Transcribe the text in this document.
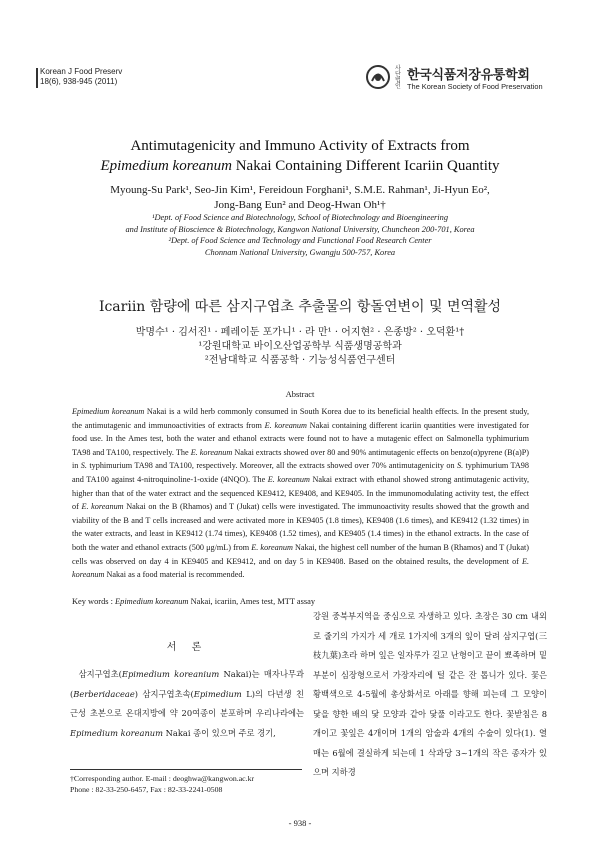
Korean J Food Preserv
18(6), 938-945 (2011)
사단법인
한국식품저장유통학회
The Korean Society of Food Preservation
Antimutagenicity and Immuno Activity of Extracts from
Epimedium koreanum Nakai Containing Different Icariin Quantity
Myoung-Su Park¹, Seo-Jin Kim¹, Fereidoun Forghani¹, S.M.E. Rahman¹, Ji-Hyun Eo²,
Jong-Bang Eun² and Deog-Hwan Oh¹†
¹Dept. of Food Science and Biotechnology, School of Biotechnology and Bioengineering
and Institute of Bioscience & Biotechnology, Kangwon National University, Chuncheon 200-701, Korea
²Dept. of Food Science and Technology and Functional Food Research Center
Chonnam National University, Gwangju 500-757, Korea
Icariin 함량에 따른 삼지구엽초 추출물의 항돌연변이 및 면역활성
박명수¹ · 김서진¹ · 페레이둔 포가니¹ · 라 만¹ · 어지현² · 은종방² · 오덕환¹†
¹강원대학교 바이오산업공학부 식품생명공학과
²전남대학교 식품공학 · 기능성식품연구센터
Abstract

Epimedium koreanum Nakai is a wild herb commonly consumed in South Korea due to its beneficial health effects. In the present study, the antimutagenic and immunoactivities of extracts from E. koreanum Nakai containing different icariin quantities were investigated for food use. In the Ames test, both the water and ethanol extracts were found not to have a mutagenic effect on Salmonella typhimurium TA98 and TA100, respectively. The E. koreanum Nakai extracts showed over 80 and 90% antimutagenic effects on benzo(α)pyrene (B(a)P) in S. typhimurium TA98 and TA100, respectively. Moreover, all the extracts showed over 70% antimutagenicity on S. typhimurium TA98 and TA100 against 4-nitroquinoline-1-oxide (4NQO). The E. koreanum Nakai extract with ethanol showed strong antimutagenic activity, higher than that of the water extract and the sequenced KE9412, KE9408, and KE9405. In the immunomodulating activity test, the effect of E. koreanum Nakai on the B (Rhamos) and T (Jukat) cells were investigated. The immunoactivity results showed that the growth and viability of the B and T cells increased and were activated more in KE9405 (1.8 times), KE9408 (1.6 times), and KE9412 (1.32 times) in the water extracts, and least in KE9412 (1.74 times), KE9408 (1.52 times), and KE9405 (1.4 times) in the ethanol extracts. In the case of both the water and ethanol extracts (500 μg/mL) from E. koreanum Nakai, the highest cell number of the human B (Rhamos) and T (Jukat) cells was observed on day 4 in KE9405 and KE9412, and on day 5 in KE9408. Based on the obtained results, the development of E. koreanum Nakai as a food material is recommended.

Key words : Epimedium koreanum Nakai, icariin, Ames test, MTT assay
서 론

삼지구엽초(Epimedium koreanium Nakai)는 매자나무과 (Berberidaceae) 삼지구엽초속(Epimedium L)의 다년생 친근성 초본으로 온대지방에 약 20여종이 분포하며 우리나라에는 Epimedium koreanum Nakai 종이 있으며 주로 경기,

강원 중북부지역을 중심으로 자생하고 있다. 초장은 30 cm 내외로 줄기의 가지가 세 개로 1가지에 3개의 잎이 달려 삼지구엽(三枝九葉)초라 하며 잎은 일자루가 길고 난형이고 끝이 뾰족하며 밑 부분이 심장형으로서 가장자리에 털 같은 잔 톱니가 있다. 꽃은 황백색으로 4-5월에 총상화서로 아래를 향해 피는데 그 모양이 닻을 향한 배의 닻 모양과 같아 닻풀 이라고도 한다. 꽃받침은 8개이고 꽃잎은 4개이며 1개의 암술과 4개의 수술이 있다(1). 열매는 6월에 결실하게 되는데 1 삭과당 3~1개의 작은 종자가 있으며 지하경

†Corresponding author. E-mail : deoghwa@kangwon.ac.kr
Phone : 82-33-250-6457, Fax : 82-33-2241-0508
- 938 -
